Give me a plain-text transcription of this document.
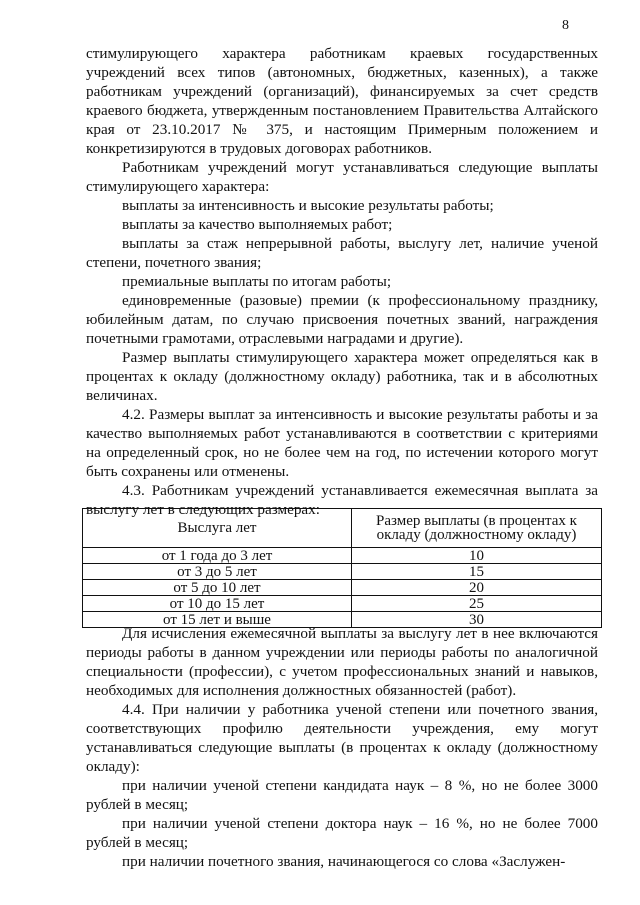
8

стимулирующего характера работникам краевых государственных учреждений всех типов (автономных, бюджетных, казенных), а также работникам учреждений (организаций), финансируемых за счет средств краевого бюджета, утвержденным постановлением Правительства Алтайского края от 23.10.2017 № 375, и настоящим Примерным положением и конкретизируются в трудовых договорах работников.

Работникам учреждений могут устанавливаться следующие выплаты стимулирующего характера:

выплаты за интенсивность и высокие результаты работы;

выплаты за качество выполняемых работ;

выплаты за стаж непрерывной работы, выслугу лет, наличие ученой степени, почетного звания;

премиальные выплаты по итогам работы;

единовременные (разовые) премии (к профессиональному празднику, юбилейным датам, по случаю присвоения почетных званий, награждения почетными грамотами, отраслевыми наградами и другие).

Размер выплаты стимулирующего характера может определяться как в процентах к окладу (должностному окладу) работника, так и в абсолютных величинах.

4.2. Размеры выплат за интенсивность и высокие результаты работы и за качество выполняемых работ устанавливаются в соответствии с критериями на определенный срок, но не более чем на год, по истечении которого могут быть сохранены или отменены.

4.3. Работникам учреждений устанавливается ежемесячная выплата за выслугу лет в следующих размерах:

Выслуга лет	Размер выплаты (в процентах к окладу (должностному окладу)
от 1 года до 3 лет	10
от 3 до 5 лет	15
от 5 до 10 лет	20
от 10 до 15 лет	25
от 15 лет и выше	30

Для исчисления ежемесячной выплаты за выслугу лет в нее включаются периоды работы в данном учреждении или периоды работы по аналогичной специальности (профессии), с учетом профессиональных знаний и навыков, необходимых для исполнения должностных обязанностей (работ).

4.4. При наличии у работника ученой степени или почетного звания, соответствующих профилю деятельности учреждения, ему могут устанавливаться следующие выплаты (в процентах к окладу (должностному окладу):

при наличии ученой степени кандидата наук – 8 %, но не более 3000 рублей в месяц;

при наличии ученой степени доктора наук – 16 %, но не более 7000 рублей в месяц;

при наличии почетного звания, начинающегося со слова «Заслужен-
